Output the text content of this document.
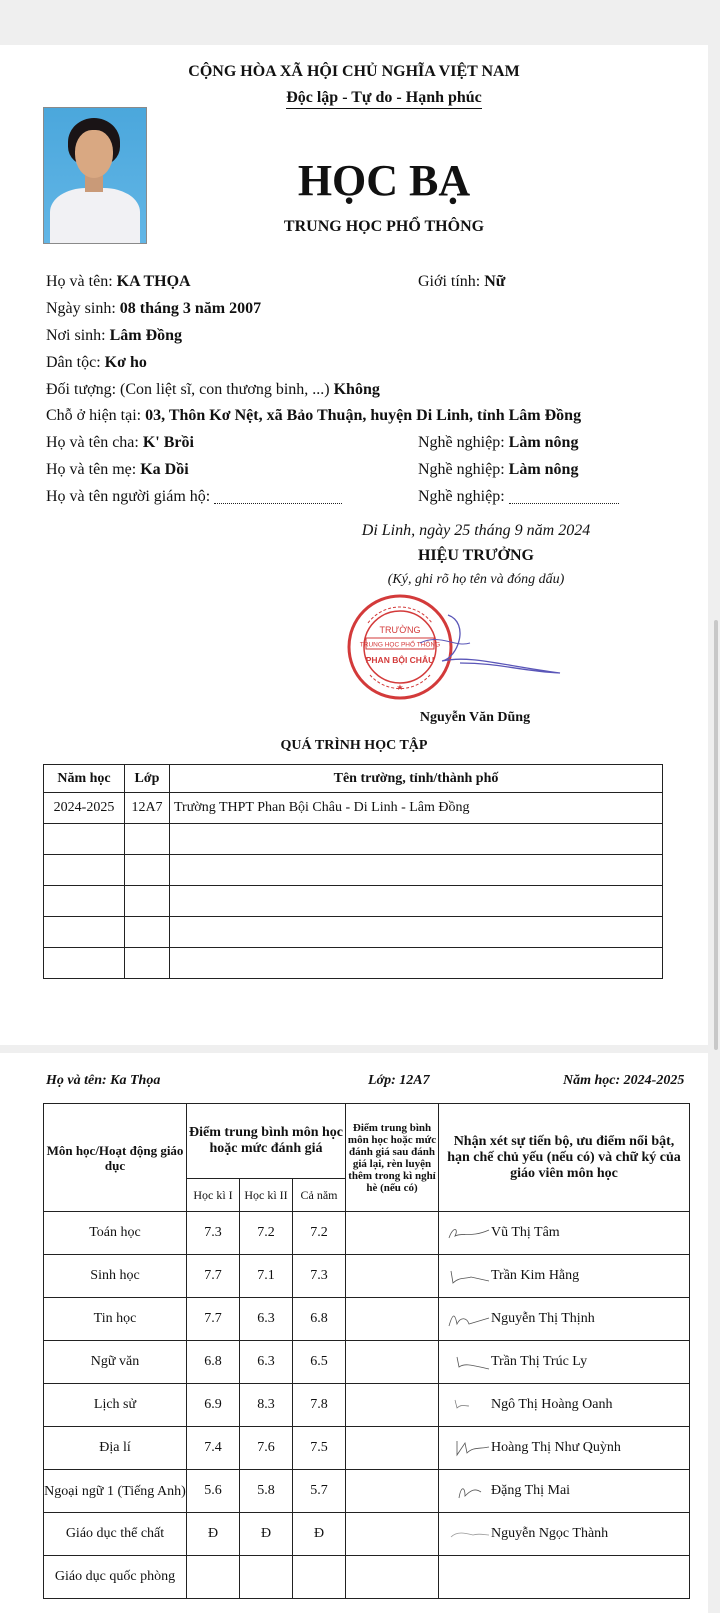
CỘNG HÒA XÃ HỘI CHỦ NGHĨA VIỆT NAM
Độc lập - Tự do - Hạnh phúc
HỌC BẠ
TRUNG HỌC PHỔ THÔNG
Họ và tên: KA THỌA	Giới tính: Nữ
Ngày sinh: 08 tháng 3 năm 2007
Nơi sinh: Lâm Đồng
Dân tộc: Kơ ho
Đối tượng: (Con liệt sĩ, con thương binh, ...) Không
Chỗ ở hiện tại: 03, Thôn Kơ Nệt, xã Bảo Thuận, huyện Di Linh, tỉnh Lâm Đồng
Họ và tên cha: K' Brồi	Nghề nghiệp: Làm nông
Họ và tên mẹ: Ka Dồi	Nghề nghiệp: Làm nông
Họ và tên người giám hộ:	Nghề nghiệp:
Di Linh, ngày 25 tháng 9 năm 2024
HIỆU TRƯỞNG
(Ký, ghi rõ họ tên và đóng dấu)
TRƯỜNG
TRUNG HỌC PHỔ THÔNG
PHAN BỘI CHÂU
★
Nguyễn Văn Dũng
QUÁ TRÌNH HỌC TẬP
Năm học	Lớp	Tên trường, tỉnh/thành phố
2024-2025	12A7	Trường THPT Phan Bội Châu - Di Linh - Lâm Đồng

Họ và tên: Ka Thọa	Lớp: 12A7	Năm học: 2024-2025
Môn học/Hoạt động giáo dục	Điểm trung bình môn học hoặc mức đánh giá			Điểm trung bình môn học hoặc mức đánh giá sau đánh giá lại, rèn luyện thêm trong kì nghỉ hè (nếu có)	Nhận xét sự tiến bộ, ưu điểm nổi bật, hạn chế chủ yếu (nếu có) và chữ ký của giáo viên môn học
	Học kì I	Học kì II	Cả năm		
Toán học	7.3	7.2	7.2		Vũ Thị Tâm
Sinh học	7.7	7.1	7.3		Trần Kim Hằng
Tin học	7.7	6.3	6.8		Nguyễn Thị Thịnh
Ngữ văn	6.8	6.3	6.5		Trần Thị Trúc Ly
Lịch sử	6.9	8.3	7.8		Ngô Thị Hoàng Oanh
Địa lí	7.4	7.6	7.5		Hoàng Thị Như Quỳnh
Ngoại ngữ 1 (Tiếng Anh)	5.6	5.8	5.7		Đặng Thị Mai
Giáo dục thể chất	Đ	Đ	Đ		Nguyễn Ngọc Thành
Giáo dục quốc phòng					
